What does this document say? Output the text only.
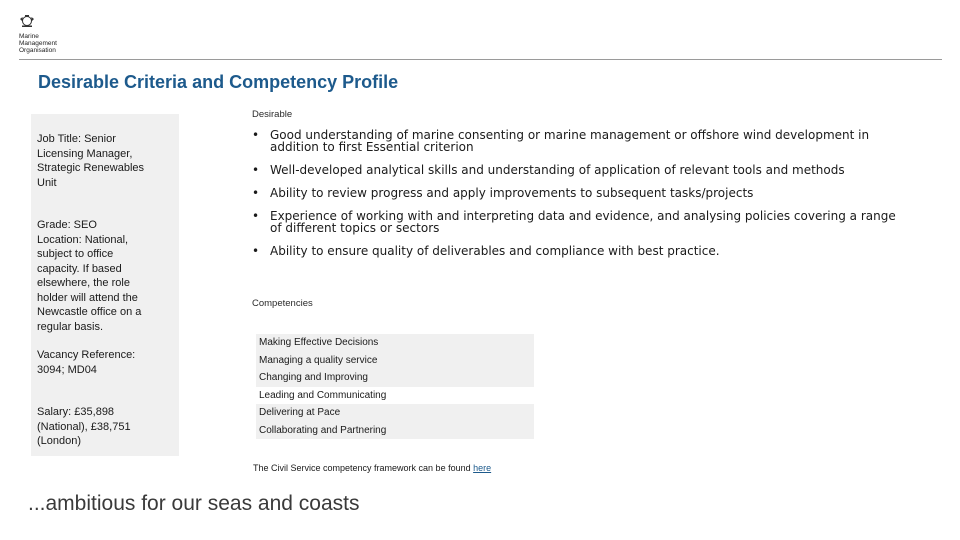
Marine
Management
Organisation
Desirable Criteria and Competency Profile
Job Title: Senior
Licensing Manager,
Strategic Renewables
Unit
Grade: SEO
Location: National,
subject to office
capacity. If based
elsewhere, the role
holder will attend the
Newcastle office on a
regular basis.
Vacancy Reference:
3094; MD04
Salary: £35,898
(National), £38,751
(London)
Desirable
• Good understanding of marine consenting or marine management or offshore wind development in
addition to first Essential criterion
• Well-developed analytical skills and understanding of application of relevant tools and methods
• Ability to review progress and apply improvements to subsequent tasks/projects
• Experience of working with and interpreting data and evidence, and analysing policies covering a range
of different topics or sectors
• Ability to ensure quality of deliverables and compliance with best practice.
Competencies
Making Effective Decisions
Managing a quality service
Changing and Improving
Leading and Communicating
Delivering at Pace
Collaborating and Partnering
The Civil Service competency framework can be found here
...ambitious for our seas and coasts
